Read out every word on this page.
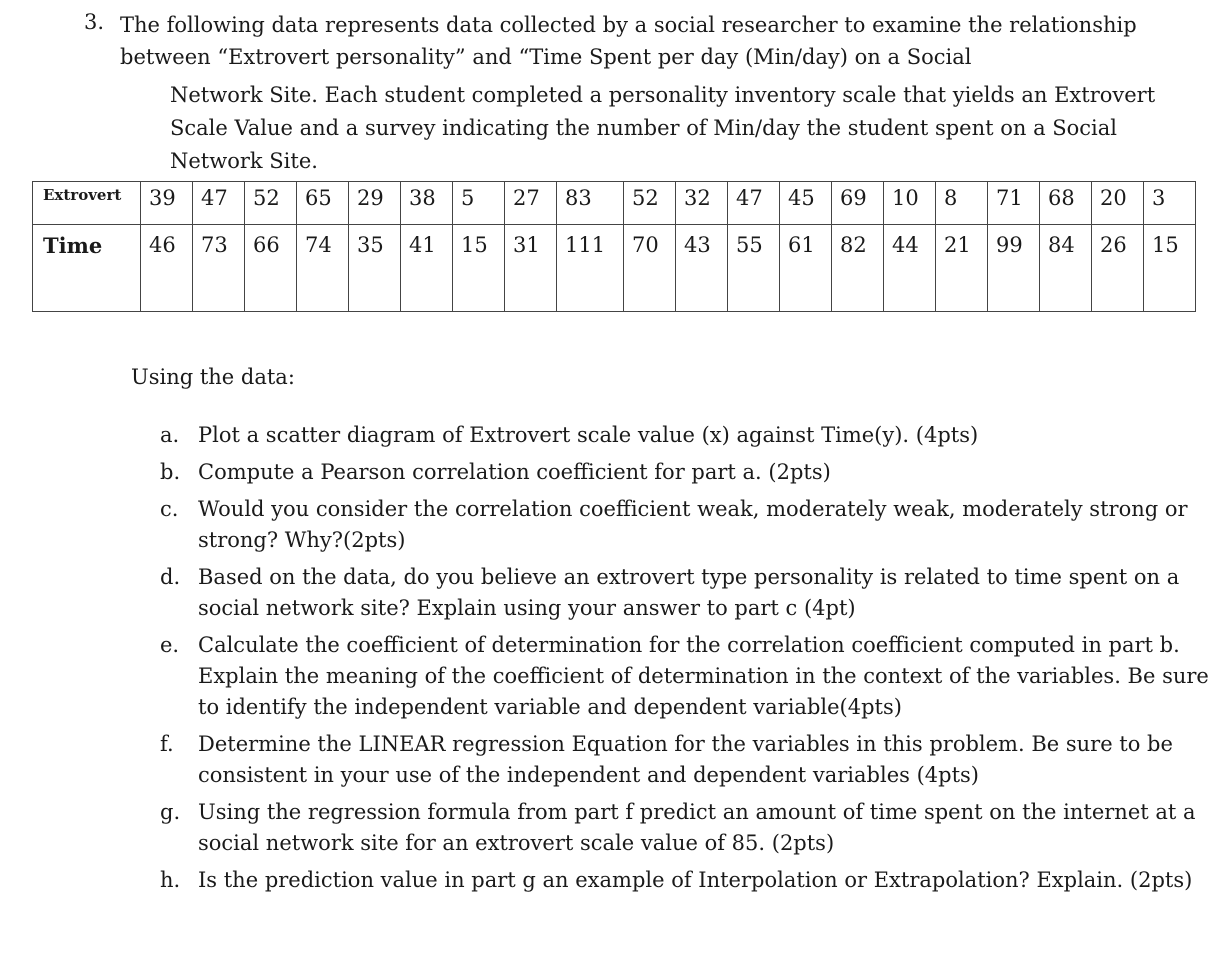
3. The following data represents data collected by a social researcher to examine the relationship
between “Extrovert personality” and “Time Spent per day (Min/day) on a Social
Network Site. Each student completed a personality inventory scale that yields an Extrovert
Scale Value and a survey indicating the number of Min/day the student spent on a Social
Network Site.
Extrovert	39	47	52	65	29	38	5	27	83	52	32	47	45	69	10	8	71	68	20	3
Time	46	73	66	74	35	41	15	31	111	70	43	55	61	82	44	21	99	84	26	15
Using the data:
a. Plot a scatter diagram of Extrovert scale value (x) against Time(y). (4pts)
b. Compute a Pearson correlation coefficient for part a. (2pts)
c. Would you consider the correlation coefficient weak, moderately weak, moderately strong or strong? Why?(2pts)
d. Based on the data, do you believe an extrovert type personality is related to time spent on a social network site? Explain using your answer to part c (4pt)
e. Calculate the coefficient of determination for the correlation coefficient computed in part b. Explain the meaning of the coefficient of determination in the context of the variables. Be sure to identify the independent variable and dependent variable(4pts)
f. Determine the LINEAR regression Equation for the variables in this problem. Be sure to be consistent in your use of the independent and dependent variables (4pts)
g. Using the regression formula from part f predict an amount of time spent on the internet at a social network site for an extrovert scale value of 85. (2pts)
h. Is the prediction value in part g an example of Interpolation or Extrapolation? Explain. (2pts)
